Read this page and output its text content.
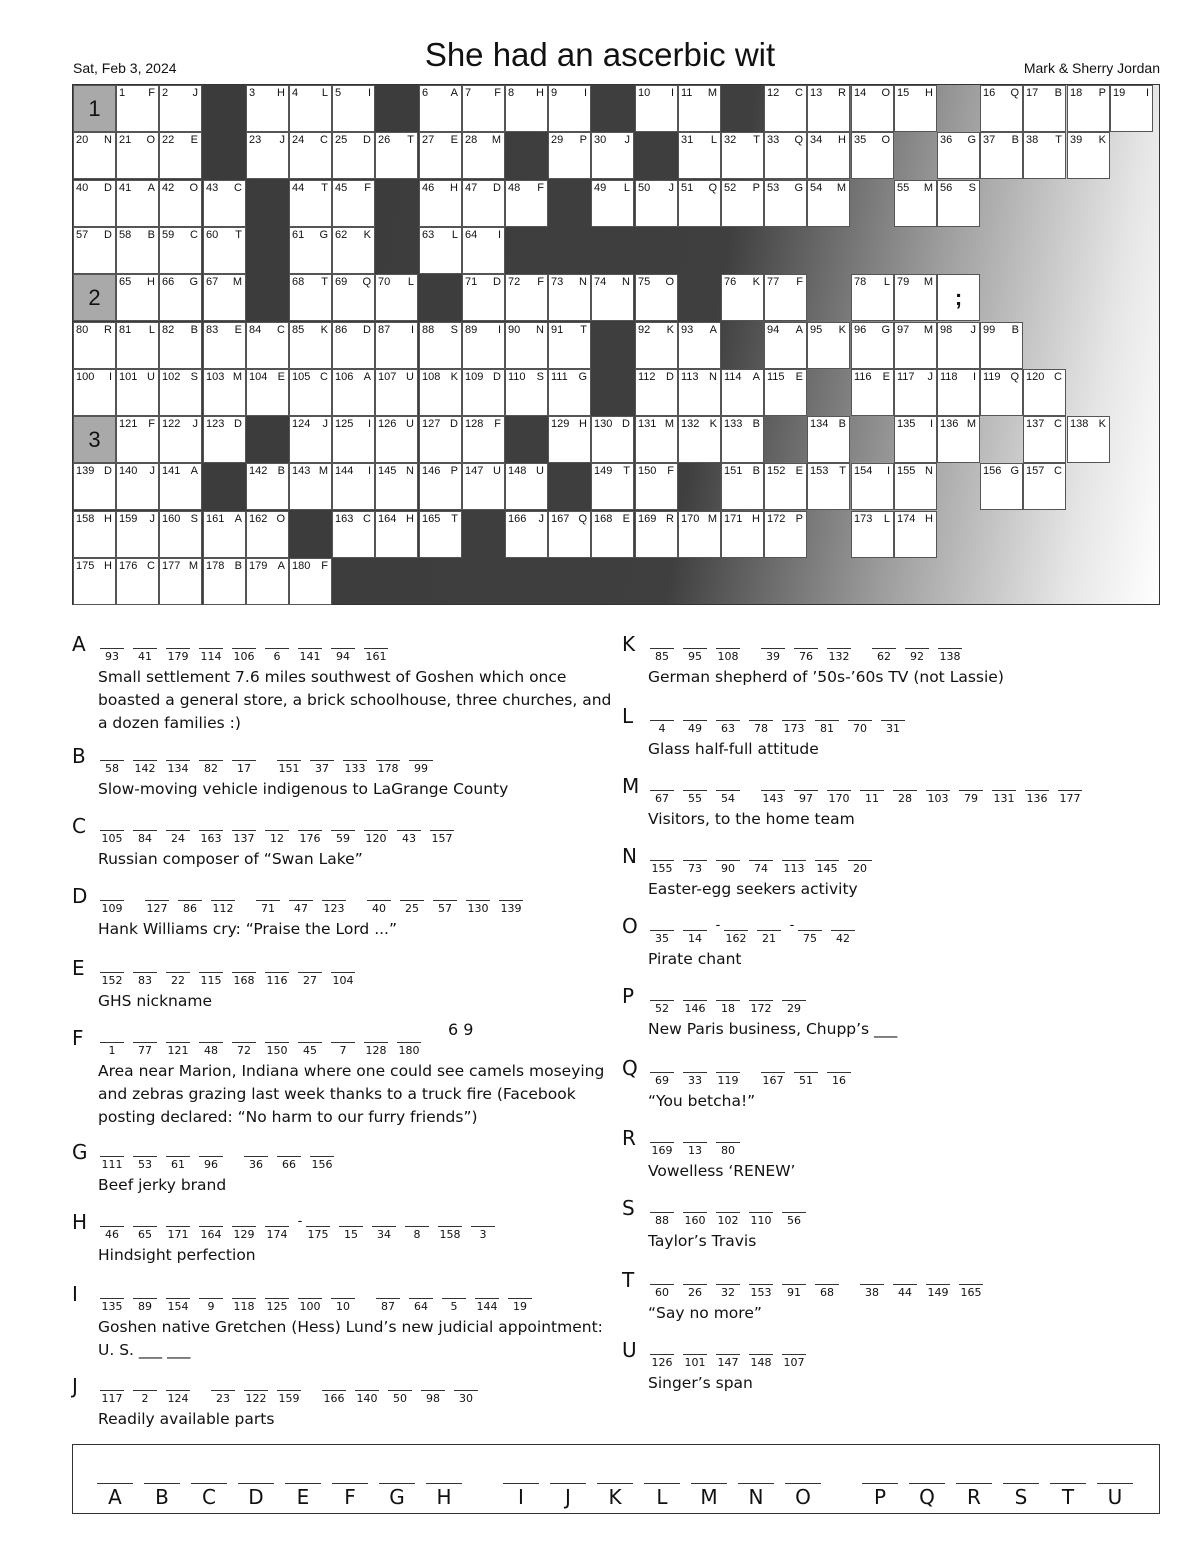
Sat, Feb 3, 2024	She had an ascerbic wit	Mark & Sherry Jordan
1
1 F 2 J	3 H 4 L 5 I	6 A 7 F 8 H 9 I	10 I 11 M	12 C 13 R 14 O 15 H	16 Q 17 B 18 P 19 I
20 N 21 O 22 E	23 J 24 C 25 D 26 T 27 E 28 M	29 P 30 J	31 L 32 T 33 Q 34 H 35 O	36 G 37 B 38 T 39 K
40 D 41 A 42 O 43 C	44 T 45 F	46 H 47 D 48 F	49 L 50 J 51 Q 52 P 53 G 54 M	55 M 56 S
57 D 58 B 59 C 60 T	61 G 62 K	63 L 64 I
2	;
65 H 66 G 67 M	68 T 69 Q 70 L	71 D 72 F 73 N 74 N 75 O	76 K 77 F	78 L 79 M
80 R 81 L 82 B 83 E 84 C 85 K 86 D 87 I 88 S 89 I 90 N 91 T	92 K 93 A	94 A 95 K 96 G 97 M 98 J 99 B
100 I 101 U 102 S 103 M 104 E 105 C 106 A 107 U 108 K 109 D 110 S 111 G	112 D 113 N 114 A 115 E	116 E 117 J 118 I 119 Q 120 C
3
121 F 122 J 123 D	124 J 125 I 126 U 127 D 128 F	129 H 130 D 131 M 132 K 133 B	134 B	135 I 136 M	137 C 138 K
139 D 140 J 141 A	142 B 143 M 144 I 145 N 146 P 147 U 148 U	149 T 150 F	151 B 152 E 153 T 154 I 155 N	156 G 157 C
158 H 159 J 160 S 161 A 162 O	163 C 164 H 165 T	166 J 167 Q 168 E 169 R 170 M 171 H 172 P	173 L 174 H
175 H 176 C 177 M 178 B 179 A 180 F
A
93	41	179	114	106	6	141	94	161
Small settlement 7.6 miles southwest of Goshen which once boasted a general store, a brick schoolhouse, three churches, and a dozen families :)
B
58	142	134	82	17	151	37	133	178	99
Slow-moving vehicle indigenous to LaGrange County
C
105	84	24	163	137	12	176	59	120	43	157
Russian composer of “Swan Lake”
D
109	127	86	112	71	47	123	40	25	57	130	139
Hank Williams cry: “Praise the Lord ...”
E
152	83	22	115	168	116	27	104
GHS nickname
F
1	77	121	48	72	150	45	7	128	180
6 9
Area near Marion, Indiana where one could see camels moseying and zebras grazing last week thanks to a truck fire (Facebook posting declared: “No harm to our furry friends”)
G
111	53	61	96	36	66	156
Beef jerky brand
H
46	65	171	164	129	174
-
175	15	34	8	158	3
Hindsight perfection
I
135	89	154	9	118	125	100	10	87	64	5	144	19
Goshen native Gretchen (Hess) Lund’s new judicial appointment: U. S. ___ ___
J
117	2	124	23	122	159	166	140	50	98	30
Readily available parts
K
85	95	108	39	76	132	62	92	138
German shepherd of ’50s-’60s TV (not Lassie)
L
4	49	63	78	173	81	70	31
Glass half-full attitude
M
67	55	54	143	97	170	11	28	103	79	131	136	177
Visitors, to the home team
N
155	73	90	74	113	145	20
Easter-egg seekers activity
O
35	14
-
162	21
-
75	42
Pirate chant
P
52	146	18	172	29
New Paris business, Chupp’s ___
Q
69	33	119	167	51	16
“You betcha!”
R
169	13	80
Vowelless ‘RENEW’
S
88	160	102	110	56
Taylor’s Travis
T
60	26	32	153	91	68	38	44	149	165
“Say no more”
U
126	101	147	148	107
Singer’s span
A	B	C	D	E	F	G	H	I	J	K	L	M	N	O	P	Q	R	S	T	U
